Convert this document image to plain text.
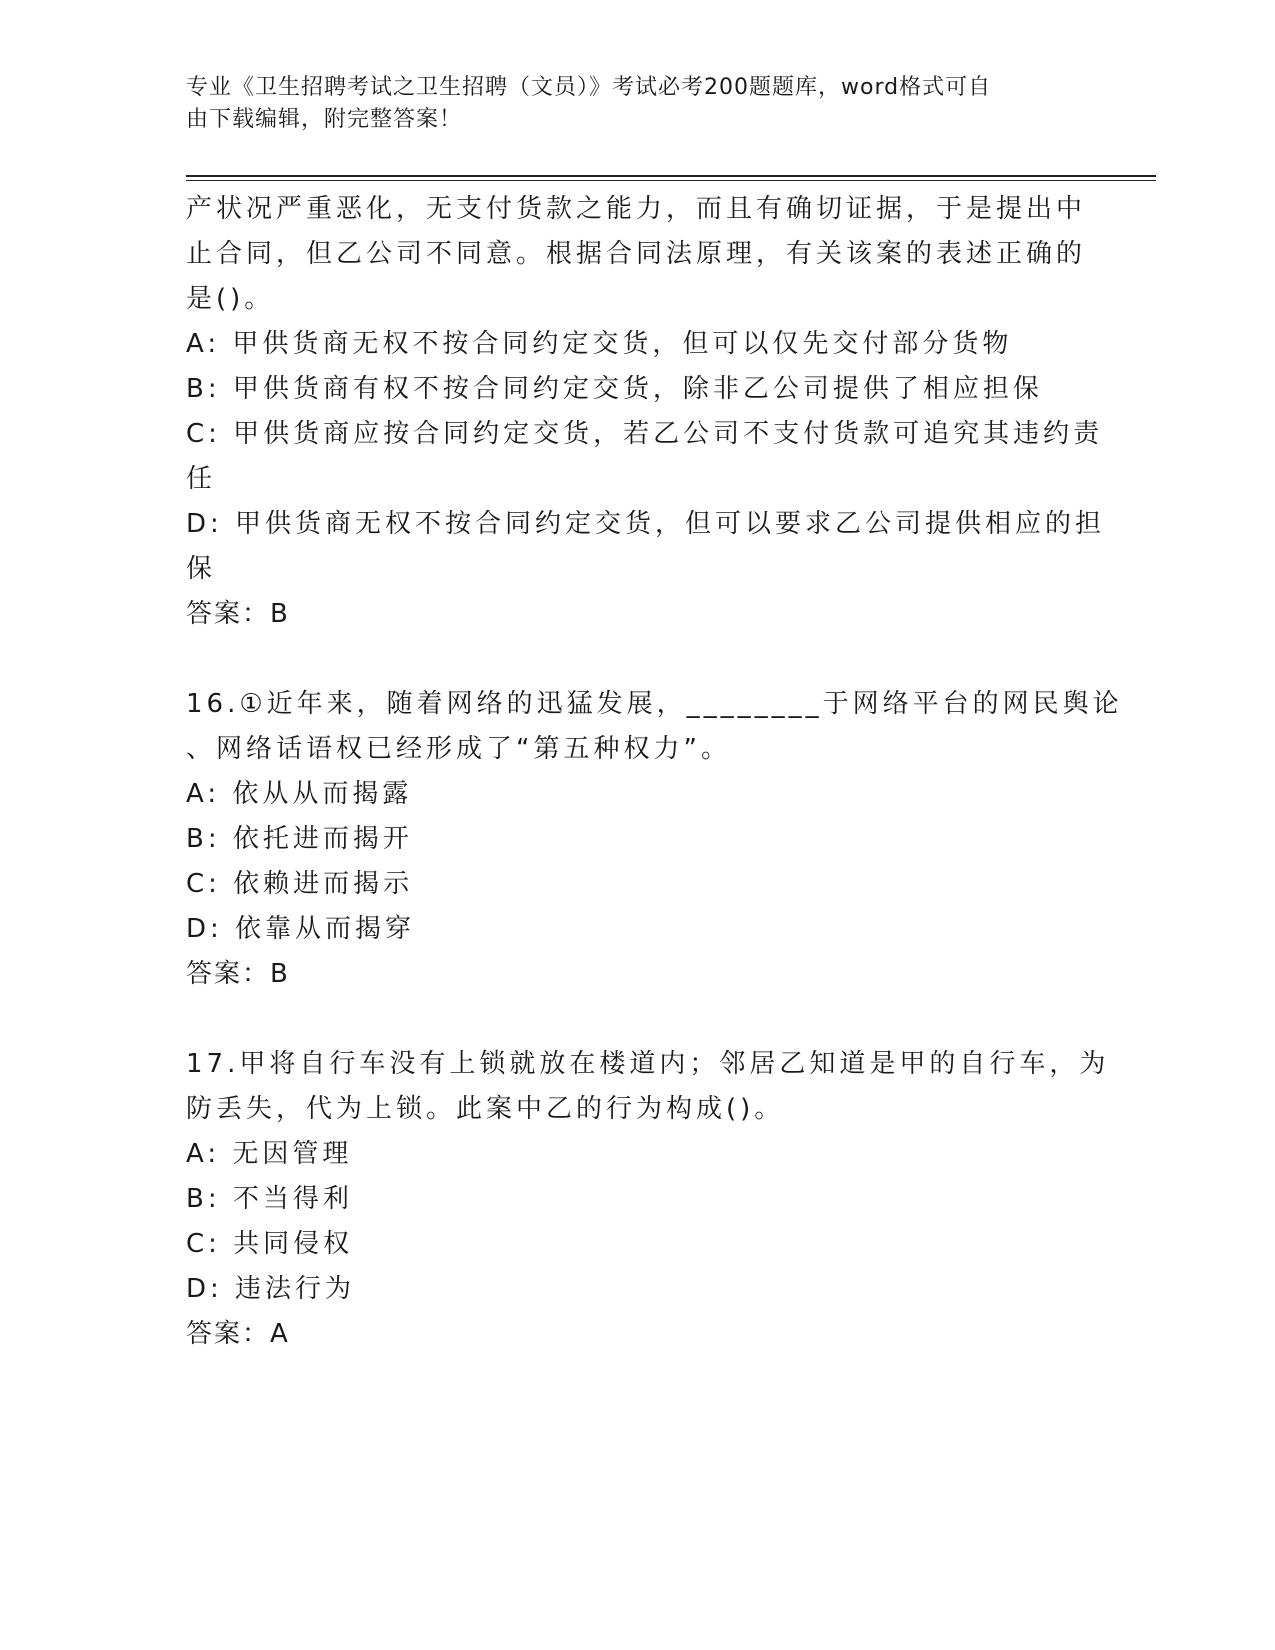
专业《卫生招聘考试之卫生招聘（文员）》考试必考200题题库，word格式可自
由下载编辑，附完整答案！
产状况严重恶化，无支付货款之能力，而且有确切证据，于是提出中
止合同，但乙公司不同意。根据合同法原理，有关该案的表述正确的
是()。
A: 甲供货商无权不按合同约定交货，但可以仅先交付部分货物
B: 甲供货商有权不按合同约定交货，除非乙公司提供了相应担保
C: 甲供货商应按合同约定交货，若乙公司不支付货款可追究其违约责
任
D: 甲供货商无权不按合同约定交货，但可以要求乙公司提供相应的担
保
答案：B
16.①近年来，随着网络的迅猛发展，________于网络平台的网民舆论
、网络话语权已经形成了“第五种权力”。
A: 依从从而揭露
B: 依托进而揭开
C: 依赖进而揭示
D: 依靠从而揭穿
答案：B
17.甲将自行车没有上锁就放在楼道内；邻居乙知道是甲的自行车，为
防丢失，代为上锁。此案中乙的行为构成()。
A: 无因管理
B: 不当得利
C: 共同侵权
D: 违法行为
答案：A
